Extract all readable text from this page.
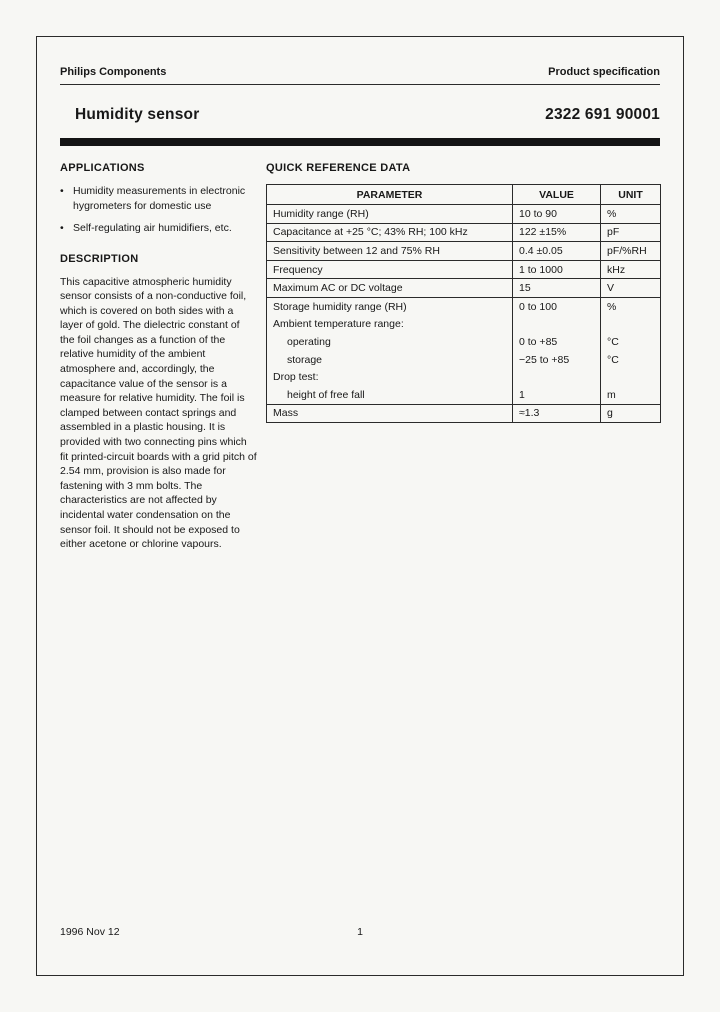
Philips Components	Product specification
Humidity sensor	2322 691 90001
APPLICATIONS
• Humidity measurements in electronic hygrometers for domestic use
• Self-regulating air humidifiers, etc.
DESCRIPTION

This capacitive atmospheric humidity sensor consists of a non-conductive foil, which is covered on both sides with a layer of gold. The dielectric constant of the foil changes as a function of the relative humidity of the ambient atmosphere and, accordingly, the capacitance value of the sensor is a measure for relative humidity. The foil is clamped between contact springs and assembled in a plastic housing. It is provided with two connecting pins which fit printed-circuit boards with a grid pitch of 2.54 mm, provision is also made for fastening with 3 mm bolts. The characteristics are not affected by incidental water condensation on the sensor foil. It should not be exposed to either acetone or chlorine vapours.

QUICK REFERENCE DATA
PARAMETER	VALUE	UNIT
Humidity range (RH)	10 to 90	%
Capacitance at +25 °C; 43% RH; 100 kHz	122 ±15%	pF
Sensitivity between 12 and 75% RH	0.4 ±0.05	pF/%RH
Frequency	1 to 1000	kHz
Maximum AC or DC voltage	15	V
Storage humidity range (RH)	0 to 100	%
Ambient temperature range:		
operating	0 to +85	°C
storage	−25 to +85	°C
Drop test:		
height of free fall	1	m
Mass	≈1.3	g
1996 Nov 12	1
